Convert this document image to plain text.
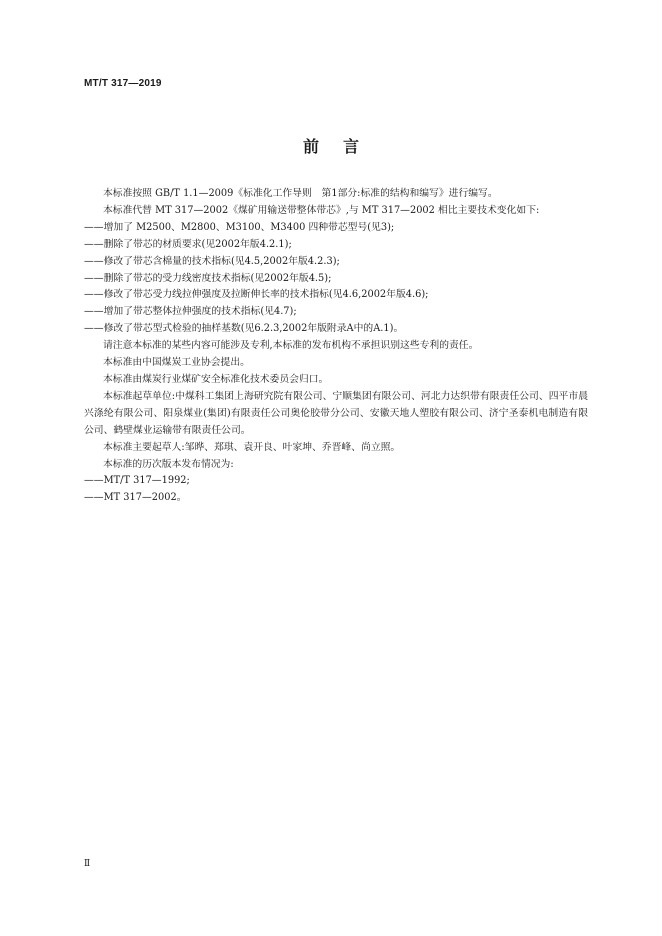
MT/T 317—2019
前言

本标准按照 GB/T 1.1—2009《标准化工作导则　第1部分:标准的结构和编写》进行编写。

本标准代替 MT 317—2002《煤矿用输送带整体带芯》,与 MT 317—2002 相比主要技术变化如下:

——增加了 M2500、M2800、M3100、M3400 四种带芯型号(见3);

——删除了带芯的材质要求(见2002年版4.2.1);

——修改了带芯含棉量的技术指标(见4.5,2002年版4.2.3);

——删除了带芯的受力线密度技术指标(见2002年版4.5);

——修改了带芯受力线拉伸强度及拉断伸长率的技术指标(见4.6,2002年版4.6);

——增加了带芯整体拉伸强度的技术指标(见4.7);

——修改了带芯型式检验的抽样基数(见6.2.3,2002年版附录A中的A.1)。

请注意本标准的某些内容可能涉及专利,本标准的发布机构不承担识别这些专利的责任。

本标准由中国煤炭工业协会提出。

本标准由煤炭行业煤矿安全标准化技术委员会归口。

本标准起草单位:中煤科工集团上海研究院有限公司、宁顺集团有限公司、河北力达织带有限责任公司、四平市晨兴涤纶有限公司、阳泉煤业(集团)有限责任公司奥伦胶带分公司、安徽天地人塑胶有限公司、济宁圣泰机电制造有限公司、鹤壁煤业运输带有限责任公司。

本标准主要起草人:邹晔、郑琪、袁开良、叶家坤、乔晋峰、尚立照。

本标准的历次版本发布情况为:

——MT/T 317—1992;

——MT 317—2002。

Ⅱ
